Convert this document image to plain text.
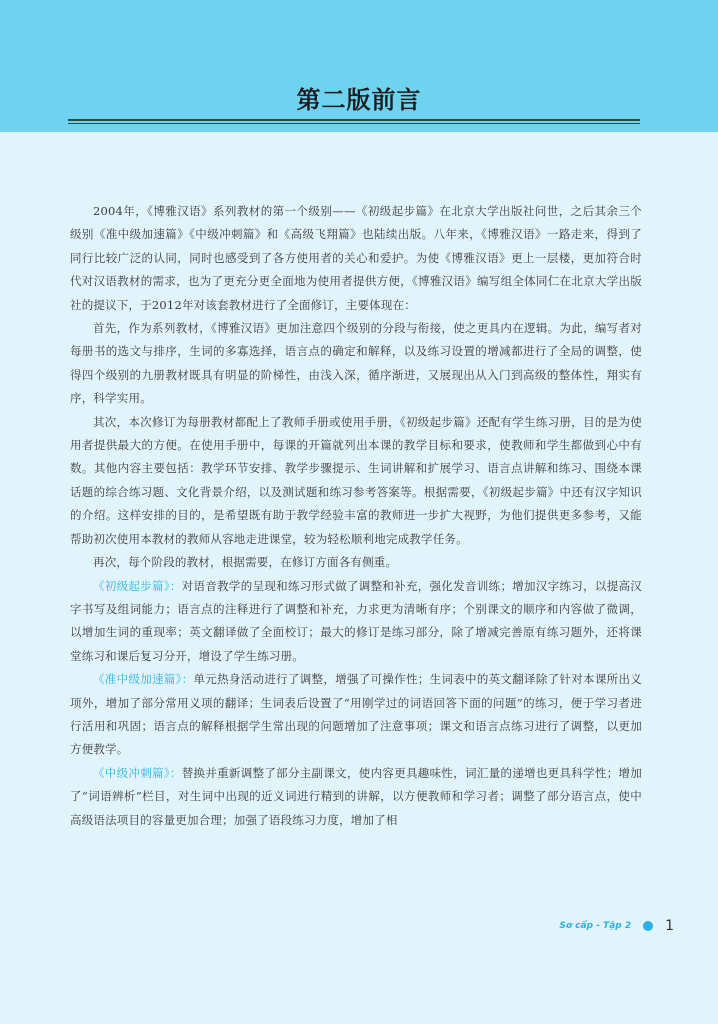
第二版前言

2004年，《博雅汉语》系列教材的第一个级别——《初级起步篇》在北京大学出版社问世，之后其余三个级别《准中级加速篇》《中级冲刺篇》和《高级飞翔篇》也陆续出版。八年来，《博雅汉语》一路走来，得到了同行比较广泛的认同，同时也感受到了各方使用者的关心和爱护。为使《博雅汉语》更上一层楼，更加符合时代对汉语教材的需求，也为了更充分更全面地为使用者提供方便，《博雅汉语》编写组全体同仁在北京大学出版社的提议下，于2012年对该套教材进行了全面修订，主要体现在：

首先，作为系列教材，《博雅汉语》更加注意四个级别的分段与衔接，使之更具内在逻辑。为此，编写者对每册书的选文与排序，生词的多寡选择，语言点的确定和解释，以及练习设置的增减都进行了全局的调整，使得四个级别的九册教材既具有明显的阶梯性，由浅入深，循序渐进，又展现出从入门到高级的整体性，翔实有序，科学实用。

其次，本次修订为每册教材都配上了教师手册或使用手册，《初级起步篇》还配有学生练习册，目的是为使用者提供最大的方便。在使用手册中，每课的开篇就列出本课的教学目标和要求，使教师和学生都做到心中有数。其他内容主要包括：教学环节安排、教学步骤提示、生词讲解和扩展学习、语言点讲解和练习、围绕本课话题的综合练习题、文化背景介绍，以及测试题和练习参考答案等。根据需要，《初级起步篇》中还有汉字知识的介绍。这样安排的目的，是希望既有助于教学经验丰富的教师进一步扩大视野，为他们提供更多参考，又能帮助初次使用本教材的教师从容地走进课堂，较为轻松顺利地完成教学任务。

再次，每个阶段的教材，根据需要，在修订方面各有侧重。

《初级起步篇》：对语音教学的呈现和练习形式做了调整和补充，强化发音训练；增加汉字练习，以提高汉字书写及组词能力；语言点的注释进行了调整和补充，力求更为清晰有序；个别课文的顺序和内容做了微调，以增加生词的重现率；英文翻译做了全面校订；最大的修订是练习部分，除了增减完善原有练习题外，还将课堂练习和课后复习分开，增设了学生练习册。

《准中级加速篇》：单元热身活动进行了调整，增强了可操作性；生词表中的英文翻译除了针对本课所出义项外，增加了部分常用义项的翻译；生词表后设置了“用刚学过的词语回答下面的问题”的练习，便于学习者进行活用和巩固；语言点的解释根据学生常出现的问题增加了注意事项；课文和语言点练习进行了调整，以更加方便教学。

《中级冲刺篇》：替换并重新调整了部分主副课文，使内容更具趣味性，词汇量的递增也更具科学性；增加了“词语辨析”栏目，对生词中出现的近义词进行精到的讲解，以方便教师和学习者；调整了部分语言点，使中高级语法项目的容量更加合理；加强了语段练习力度，增加了相

Sơ cấp - Tập 2 1
